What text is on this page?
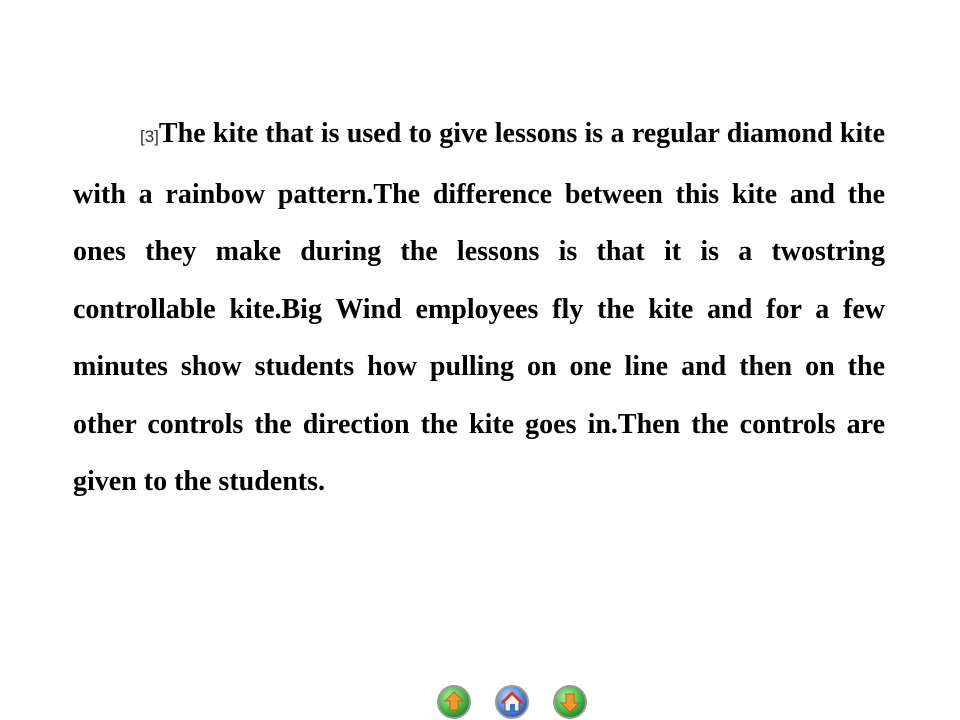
[3]The kite that is used to give lessons is a regular diamond kite with a rainbow pattern.The difference between this kite and the ones they make during the lessons is that it is a twostring controllable kite.Big Wind employees fly the kite and for a few minutes show students how pulling on one line and then on the other controls the direction the kite goes in.Then the controls are given to the students.
